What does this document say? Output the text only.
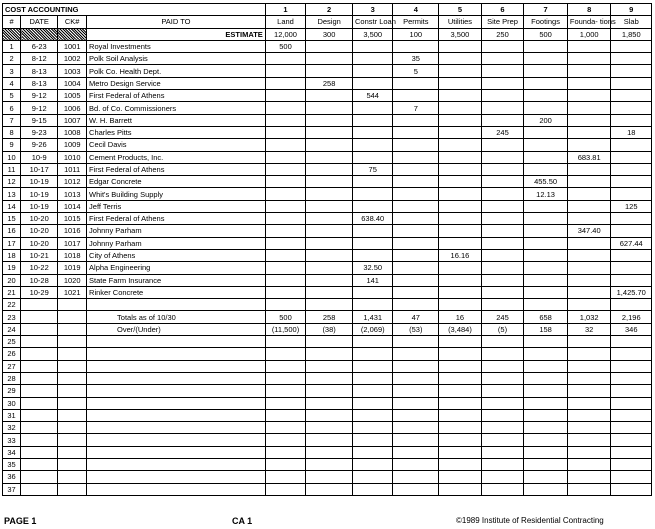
COST ACCOUNTING				1	2	3	4	5	6	7	8	9
#	DATE	CK#	PAID TO	Land	Design	Constr Loan	Permits	Utilities	Site Prep	Footings	Founda- tions	Slab
			ESTIMATE	12,000	300	3,500	100	3,500	250	500	1,000	1,850
1	6-23	1001	Royal Investments	500								
2	8-12	1002	Polk Soil Analysis				35					
3	8-13	1003	Polk Co. Health Dept.				5					
4	8-13	1004	Metro Design Service		258							
5	9-12	1005	First Federal of Athens			544						
6	9-12	1006	Bd. of Co. Commissioners				7					
7	9-15	1007	W. H. Barrett							200		
8	9-23	1008	Charles Pitts						245			18
9	9-26	1009	Cecil Davis									
10	10-9	1010	Cement Products, Inc.								683.81	
11	10-17	1011	First Federal of Athens			75						
12	10-19	1012	Edgar Concrete							455.50		
13	10-19	1013	Whit's Building Supply							12.13		
14	10-19	1014	Jeff Terris									125
15	10-20	1015	First Federal of Athens			638.40						
16	10-20	1016	Johnny Parham								347.40	
17	10-20	1017	Johnny Parham									627.44
18	10-21	1018	City of Athens					16.16				
19	10-22	1019	Alpha Engineering			32.50						
20	10-28	1020	State Farm Insurance			141						
21	10-29	1021	Rinker Concrete									1,425.70
22												
23			Totals as of 10/30	500	258	1,431	47	16	245	658	1,032	2,196
24			Over/(Under)	(11,500)	(38)	(2,069)	(53)	(3,484)	(5)	158	32	346
25												
26												
27												
28												
29												
30												
31												
32												
33												
34												
35												
36												
37												
PAGE 1	CA 1	©1989 Institute of Residential Contracting
